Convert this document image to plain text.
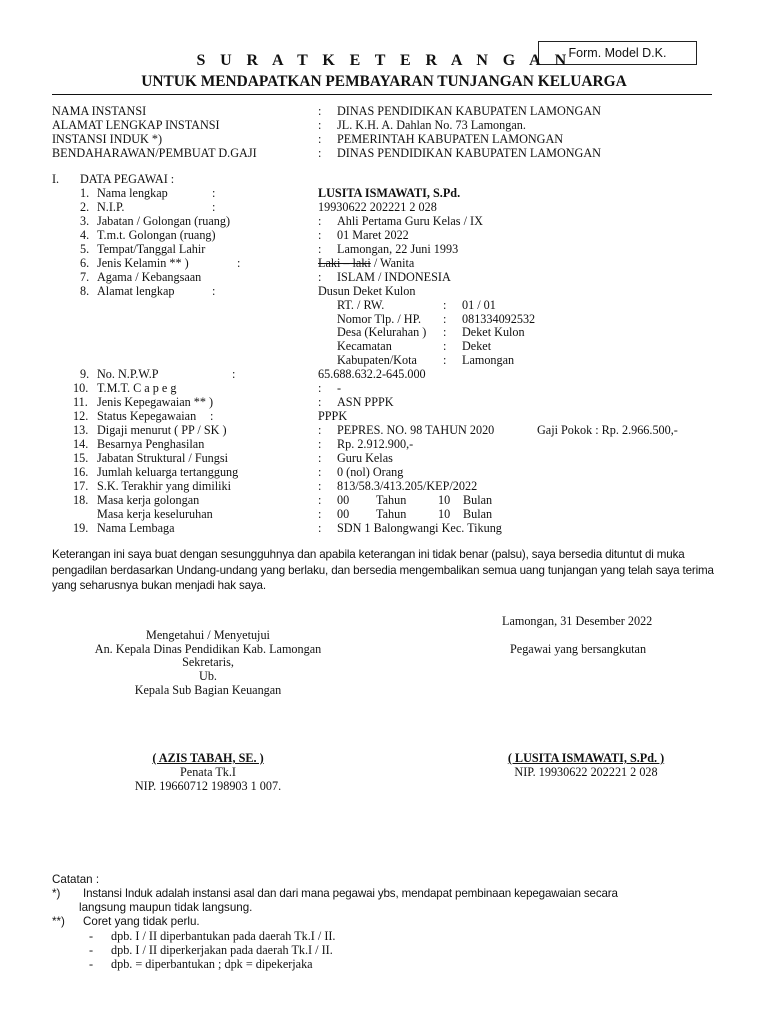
Form. Model D.K.
S U R A T K E T E R A N G A N
UNTUK MENDAPATKAN PEMBAYARAN TUNJANGAN KELUARGA
NAMA INSTANSI	: DINAS PENDIDIKAN KABUPATEN LAMONGAN
ALAMAT LENGKAP INSTANSI	: JL. K.H. A. Dahlan No. 73 Lamongan.
INSTANSI INDUK *)	: PEMERINTAH KABUPATEN LAMONGAN
BENDAHARAWAN/PEMBUAT D.GAJI	: DINAS PENDIDIKAN KABUPATEN LAMONGAN
I. DATA PEGAWAI :
1. Nama lengkap	:	LUSITA ISMAWATI, S.Pd.
2. N.I.P.	:	19930622 202221 2 028
3. Jabatan / Golongan (ruang)	: Ahli Pertama Guru Kelas / IX
4. T.m.t. Golongan (ruang)	: 01 Maret 2022
5. Tempat/Tanggal Lahir	: Lamongan, 22 Juni 1993
6. Jenis Kelamin ** )	:	Laki – laki / Wanita
7. Agama / Kebangsaan	: ISLAM / INDONESIA
8. Alamat lengkap	:	Dusun Deket Kulon
RT. / RW.	: 01 / 01
Nomor Tlp. / HP. : 081334092532
Desa (Kelurahan ) : Deket Kulon
Kecamatan	: Deket
Kabupaten/Kota : Lamongan
9. No. N.P.W.P	:	65.688.632.2-645.000
10. T.M.T. C a p e g	: -
11. Jenis Kepegawaian ** )	: ASN PPPK
12. Status Kepegawaian :	PPPK
13. Digaji menurut ( PP / SK )	: PEPRES. NO. 98 TAHUN 2020	Gaji Pokok : Rp. 2.966.500,-
14. Besarnya Penghasilan	: Rp. 2.912.900,-
15. Jabatan Struktural / Fungsi	: Guru Kelas
16. Jumlah keluarga tertanggung	: 0 (nol) Orang
17. S.K. Terakhir yang dimiliki	: 813/58.3/413.205/KEP/2022
18. Masa kerja golongan	: 00 Tahun	10 Bulan
Masa kerja keseluruhan	: 00 Tahun	10 Bulan
19. Nama Lembaga	: SDN 1 Balongwangi Kec. Tikung
Keterangan ini saya buat dengan sesungguhnya dan apabila keterangan ini tidak benar (palsu), saya bersedia dituntut di muka pengadilan berdasarkan Undang-undang yang berlaku, dan bersedia mengembalikan semua uang tunjangan yang telah saya terima yang seharusnya bukan menjadi hak saya.
Lamongan, 31 Desember 2022
Pegawai yang bersangkutan
Mengetahui / Menyetujui
An. Kepala Dinas Pendidikan Kab. Lamongan
Sekretaris,
Ub.
Kepala Sub Bagian Keuangan
( AZIS TABAH, SE. )
Penata Tk.I
NIP. 19660712 198903 1 007.
( LUSITA ISMAWATI, S.Pd. )
NIP. 19930622 202221 2 028
Catatan :
*) Instansi Induk adalah instansi asal dan dari mana pegawai ybs, mendapat pembinaan kepegawaian secara
langsung maupun tidak langsung.
**) Coret yang tidak perlu.
- dpb. I / II diperbantukan pada daerah Tk.I / II.
- dpb. I / II diperkerjakan pada daerah Tk.I / II.
- dpb. = diperbantukan ; dpk = dipekerjaka
